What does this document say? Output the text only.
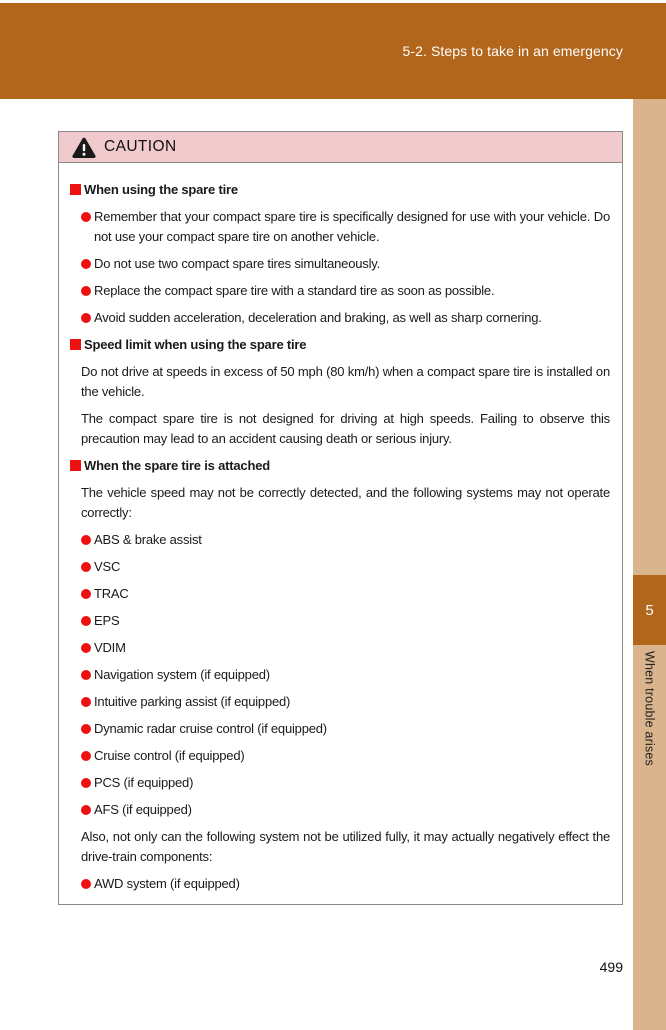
5-2. Steps to take in an emergency
5
When trouble arises
CAUTION
When using the spare tire
Remember that your compact spare tire is specifically designed for use with your vehicle. Do not use your compact spare tire on another vehicle.
Do not use two compact spare tires simultaneously.
Replace the compact spare tire with a standard tire as soon as possible.
Avoid sudden acceleration, deceleration and braking, as well as sharp cornering.
Speed limit when using the spare tire
Do not drive at speeds in excess of 50 mph (80 km/h) when a compact spare tire is installed on the vehicle.
The compact spare tire is not designed for driving at high speeds. Failing to observe this precaution may lead to an accident causing death or serious injury.
When the spare tire is attached
The vehicle speed may not be correctly detected, and the following systems may not operate correctly:
ABS & brake assist
VSC
TRAC
EPS
VDIM
Navigation system (if equipped)
Intuitive parking assist (if equipped)
Dynamic radar cruise control (if equipped)
Cruise control (if equipped)
PCS (if equipped)
AFS (if equipped)
Also, not only can the following system not be utilized fully, it may actually negatively effect the drive-train components:
AWD system (if equipped)
499
